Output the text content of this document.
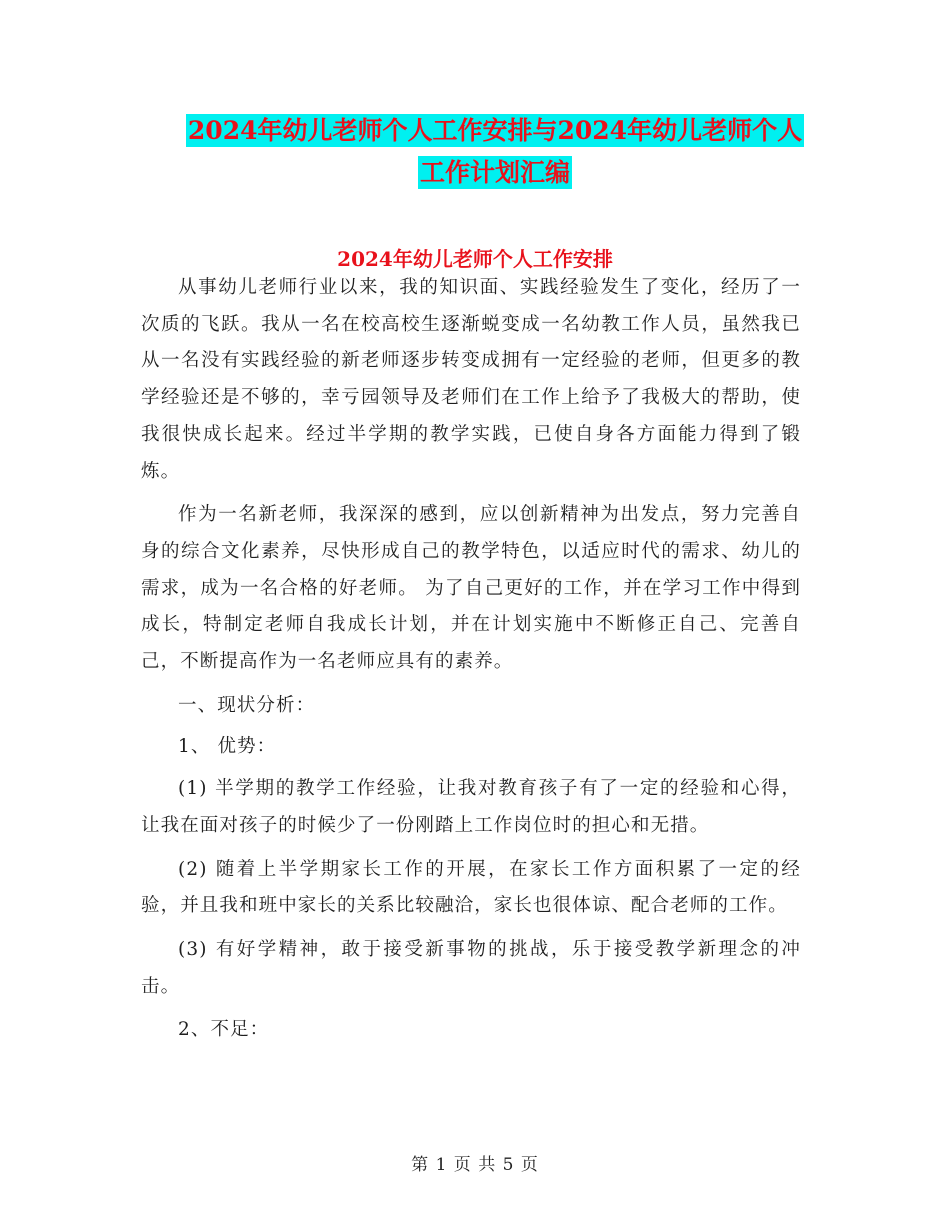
2024年幼儿老师个人工作安排与2024年幼儿老师个人
工作计划汇编
2024年幼儿老师个人工作安排

从事幼儿老师行业以来，我的知识面、实践经验发生了变化，经历了一次质的飞跃。我从一名在校高校生逐渐蜕变成一名幼教工作人员，虽然我已从一名没有实践经验的新老师逐步转变成拥有一定经验的老师，但更多的教学经验还是不够的，幸亏园领导及老师们在工作上给予了我极大的帮助，使我很快成长起来。经过半学期的教学实践，已使自身各方面能力得到了锻炼。

作为一名新老师，我深深的感到，应以创新精神为出发点，努力完善自身的综合文化素养，尽快形成自己的教学特色，以适应时代的需求、幼儿的需求，成为一名合格的好老师。 为了自己更好的工作，并在学习工作中得到成长，特制定老师自我成长计划，并在计划实施中不断修正自己、完善自己，不断提高作为一名老师应具有的素养。

一、现状分析：

1、 优势：

(1) 半学期的教学工作经验，让我对教育孩子有了一定的经验和心得，让我在面对孩子的时候少了一份刚踏上工作岗位时的担心和无措。

(2) 随着上半学期家长工作的开展，在家长工作方面积累了一定的经验，并且我和班中家长的关系比较融洽，家长也很体谅、配合老师的工作。

(3) 有好学精神，敢于接受新事物的挑战，乐于接受教学新理念的冲击。

2、不足：

第 1 页 共 5 页
